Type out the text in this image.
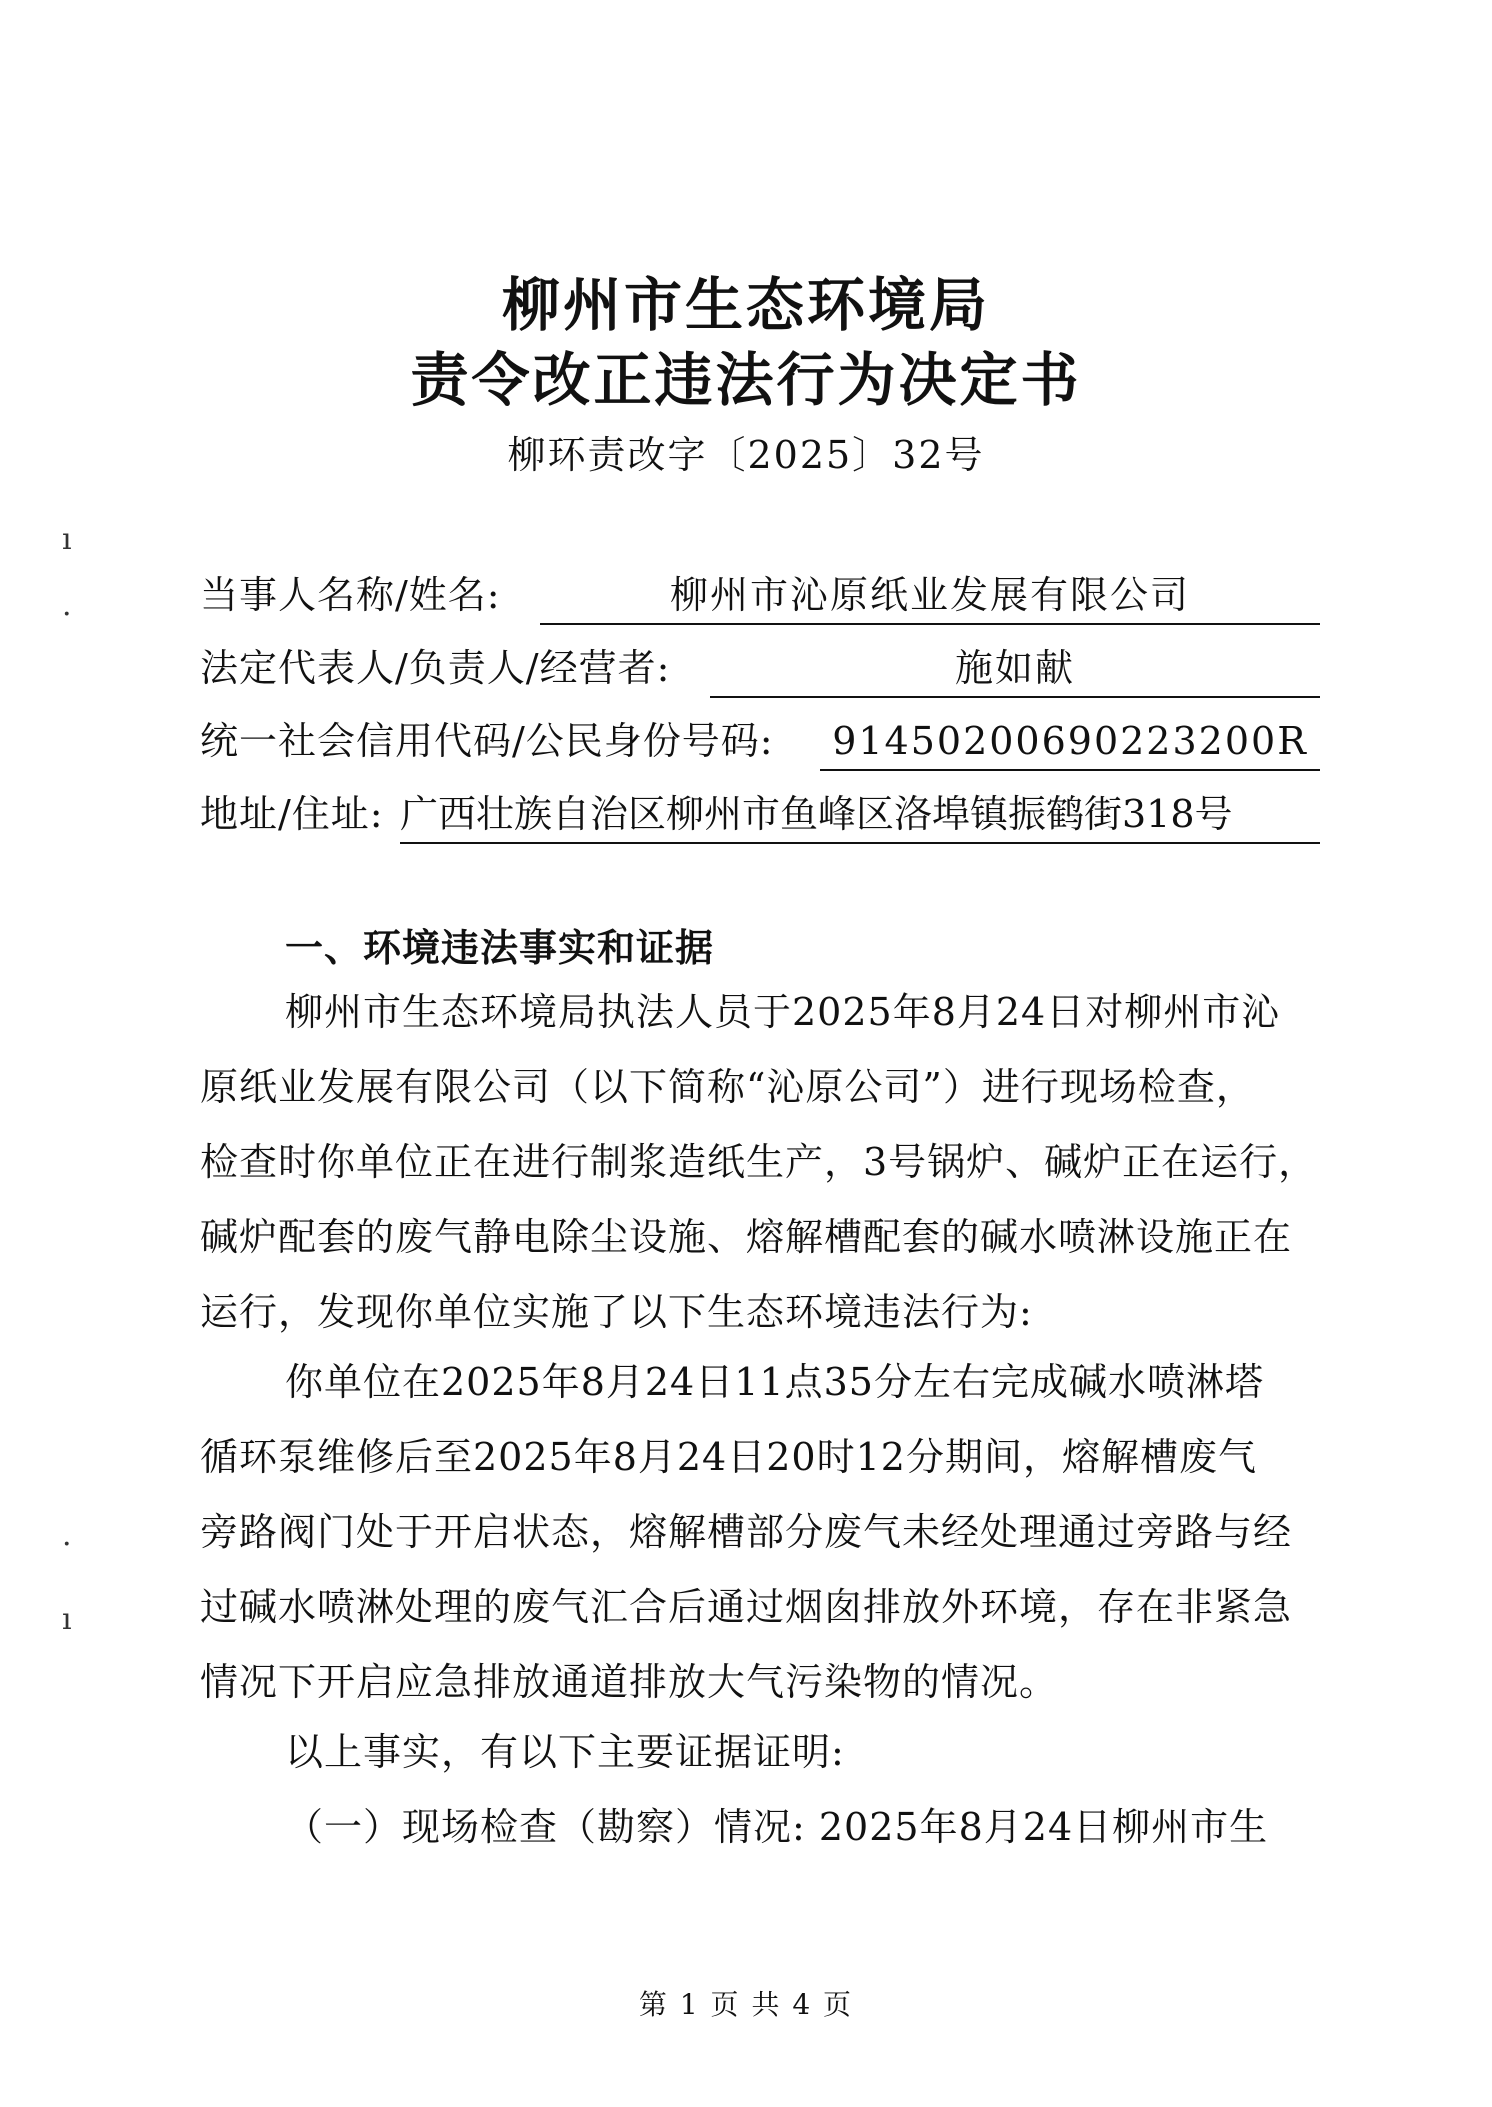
柳州市生态环境局
责令改正违法行为决定书
柳环责改字〔2025〕32号
ı
·	当事人名称/姓名:	柳州市沁原纸业发展有限公司
法定代表人/负责人/经营者:	施如献
统一社会信用代码/公民身份号码:	91450200690223200R
地址/住址: 广西壮族自治区柳州市鱼峰区洛埠镇振鹤街318号
一、环境违法事实和证据
柳州市生态环境局执法人员于2025年8月24日对柳州市沁
原纸业发展有限公司（以下简称“沁原公司”）进行现场检查，
检查时你单位正在进行制浆造纸生产，3号锅炉、碱炉正在运行，
碱炉配套的废气静电除尘设施、熔解槽配套的碱水喷淋设施正在
运行，发现你单位实施了以下生态环境违法行为:
你单位在2025年8月24日11点35分左右完成碱水喷淋塔
循环泵维修后至2025年8月24日20时12分期间，熔解槽废气
旁路阀门处于开启状态，熔解槽部分废气未经处理通过旁路与经
过碱水喷淋处理的废气汇合后通过烟囱排放外环境，存在非紧急
情况下开启应急排放通道排放大气污染物的情况。
·
ı
以上事实，有以下主要证据证明:
（一）现场检查（勘察）情况: 2025年8月24日柳州市生
第 1 页 共 4 页
